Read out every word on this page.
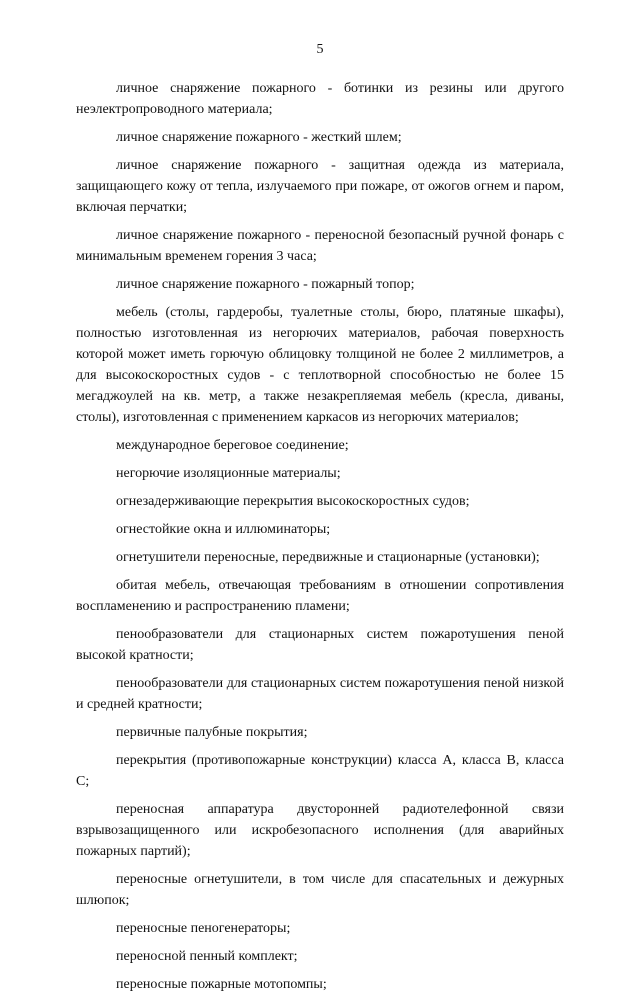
5

личное снаряжение пожарного - ботинки из резины или другого неэлектропроводного материала;

личное снаряжение пожарного - жесткий шлем;

личное снаряжение пожарного - защитная одежда из материала, защищающего кожу от тепла, излучаемого при пожаре, от ожогов огнем и паром, включая перчатки;

личное снаряжение пожарного - переносной безопасный ручной фонарь с минимальным временем горения 3 часа;

личное снаряжение пожарного - пожарный топор;

мебель (столы, гардеробы, туалетные столы, бюро, платяные шкафы), полностью изготовленная из негорючих материалов, рабочая поверхность которой может иметь горючую облицовку толщиной не более 2 миллиметров, а для высокоскоростных судов - с теплотворной способностью не более 15 мегаджоулей на кв. метр, а также незакрепляемая мебель (кресла, диваны, столы), изготовленная с применением каркасов из негорючих материалов;

международное береговое соединение;

негорючие изоляционные материалы;

огнезадерживающие перекрытия высокоскоростных судов;

огнестойкие окна и иллюминаторы;

огнетушители переносные, передвижные и стационарные (установки);

обитая мебель, отвечающая требованиям в отношении сопротивления воспламенению и распространению пламени;

пенообразователи для стационарных систем пожаротушения пеной высокой кратности;

пенообразователи для стационарных систем пожаротушения пеной низкой и средней кратности;

первичные палубные покрытия;

перекрытия (противопожарные конструкции) класса А, класса В, класса С;

переносная аппаратура двусторонней радиотелефонной связи взрывозащищенного или искробезопасного исполнения (для аварийных пожарных партий);

переносные огнетушители, в том числе для спасательных и дежурных шлюпок;

переносные пеногенераторы;

переносной пенный комплект;

переносные пожарные мотопомпы;
